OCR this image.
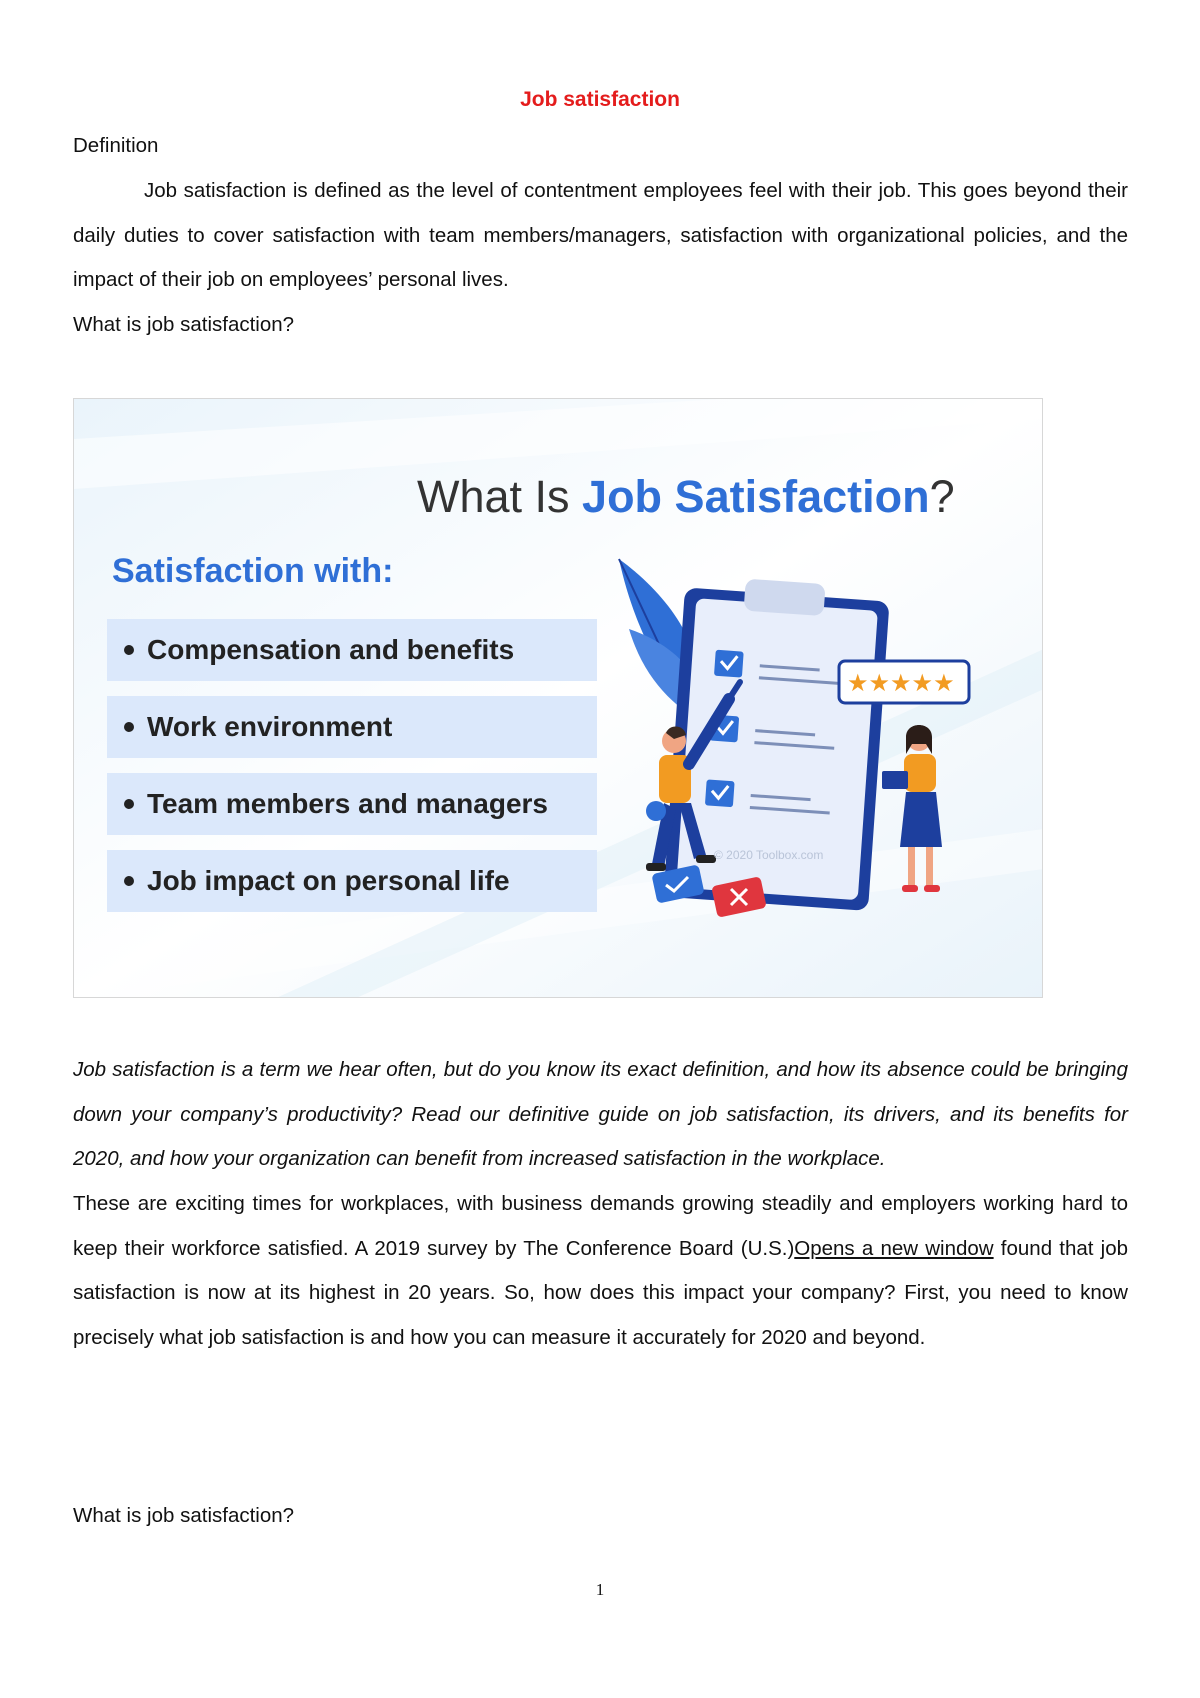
Job satisfaction
Definition
Job satisfaction is defined as the level of contentment employees feel with their job. This goes beyond their daily duties to cover satisfaction with team members/managers, satisfaction with organizational policies, and the impact of their job on employees’ personal lives.
What is job satisfaction?
What Is Job Satisfaction?
Satisfaction with:
Compensation and benefits
Work environment
Team members and managers
Job impact on personal life
★★★★★
© 2020 Toolbox.com
Job satisfaction is a term we hear often, but do you know its exact definition, and how its absence could be bringing down your company’s productivity? Read our definitive guide on job satisfaction, its drivers, and its benefits for 2020, and how your organization can benefit from increased satisfaction in the workplace.
These are exciting times for workplaces, with business demands growing steadily and employers working hard to keep their workforce satisfied. A 2019 survey by The Conference Board (U.S.)Opens a new window found that job satisfaction is now at its highest in 20 years. So, how does this impact your company? First, you need to know precisely what job satisfaction is and how you can measure it accurately for 2020 and beyond.
What is job satisfaction?
1
